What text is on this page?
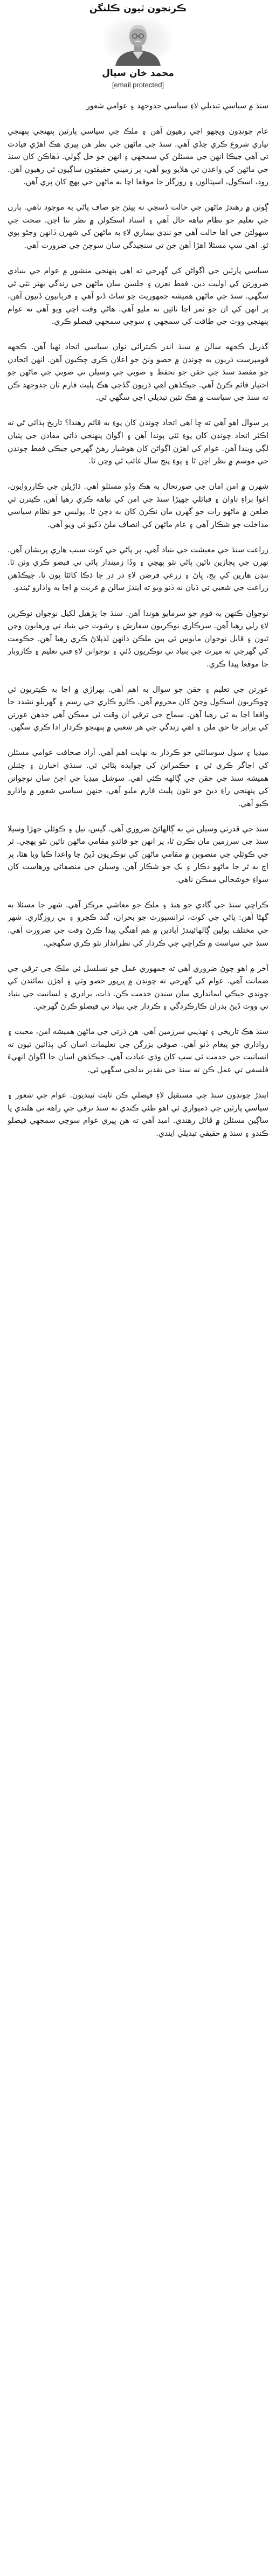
ڪرنجون ٿيون ڪلنگن
محمد خان سيال
[email protected]

سنڌ ۾ سياسي تبديلي لاءِ سياسي جدوجهد ۽ عوامي شعور

عام چونڊون ويجهو اچي رهيون آهن ۽ ملڪ جي سياسي پارٽين پنهنجي پنهنجي تياري شروع ڪري ڇڏي آهي. سنڌ جي ماڻهن جي نظر هن ڀيري هڪ اهڙي قيادت تي آهي جيڪا انهن جي مسئلن کي سمجهي ۽ انهن جو حل ڳولي. ڏهاڪن کان سنڌ جي ماڻهن کي واعدن تي هلايو ويو آهي، پر زميني حقيقتون ساڳيون ئي رهيون آهن. روڊ، اسڪول، اسپتالون ۽ روزگار جا موقعا اڃا به ماڻهن جي پهچ کان پري آهن.

ڳوٺن ۾ رهندڙ ماڻهن جي حالت ڏسجي ته پيئڻ جو صاف پاڻي به موجود ناهي. ٻارن جي تعليم جو نظام تباهه حال آهي ۽ استاد اسڪولن ۾ نظر نٿا اچن. صحت جي سهولتن جي اها حالت آهي جو ننڍي بيماري لاءِ به ماڻهن کي شهرن ڏانهن وڃڻو پوي ٿو. اهي سڀ مسئلا اهڙا آهن جن تي سنجيدگي سان سوچڻ جي ضرورت آهي.

سياسي پارٽين جي اڳواڻن کي گهرجي ته اهي پنهنجي منشور ۾ عوام جي بنيادي ضرورتن کي اوليت ڏين. فقط نعرن ۽ جلسن سان ماڻهن جي زندگي بهتر نٿي ٿي سگهي. سنڌ جي ماڻهن هميشه جمهوريت جو ساٿ ڏنو آهي ۽ قربانيون ڏنيون آهن، پر انهن کي ان جو ثمر اڃا تائين نه مليو آهي. هاڻي وقت اچي ويو آهي ته عوام پنهنجي ووٽ جي طاقت کي سمجهي ۽ سوچي سمجهي فيصلو ڪري.

گذريل ڪجهه سالن ۾ سنڌ اندر ڪيترائي نوان سياسي اتحاد ٺهيا آهن. ڪجهه قومپرست ڌريون به چونڊن ۾ حصو وٺڻ جو اعلان ڪري چڪيون آهن. انهن اتحادن جو مقصد سنڌ جي حقن جو تحفظ ۽ صوبي جي وسيلن تي صوبي جي ماڻهن جو اختيار قائم ڪرڻ آهي. جيڪڏهن اهي ڌريون گڏجي هڪ پليٽ فارم تان جدوجهد ڪن ته سنڌ جي سياست ۾ هڪ نئين تبديلي اچي سگهي ٿي.

پر سوال اهو آهي ته ڇا اهي اتحاد چونڊن کان پوءِ به قائم رهندا؟ تاريخ ٻڌائي ٿي ته اڪثر اتحاد چونڊن کان پوءِ ٽٽي پوندا آهن ۽ اڳواڻ پنهنجي ذاتي مفادن جي پٺيان لڳي ويندا آهن. عوام کي اهڙن اڳواڻن کان هوشيار رهڻ گهرجي جيڪي فقط چونڊن جي موسم ۾ نظر اچن ٿا ۽ پوءِ پنج سال غائب ٿي وڃن ٿا.

شهرن ۾ امن امان جي صورتحال به هڪ وڏو مسئلو آهي. ڌاڙيلن جي ڪارروايون، اغوا براءِ تاوان ۽ قبائلي جهيڙا سنڌ جي امن کي تباهه ڪري رهيا آهن. ڪيترن ئي ضلعن ۾ ماڻهو رات جو گهرن مان نڪرڻ کان به ڊڄن ٿا. پوليس جو نظام سياسي مداخلت جو شڪار آهي ۽ عام ماڻهن کي انصاف ملڻ ڏکيو ٿي ويو آهي.

زراعت سنڌ جي معيشت جي بنياد آهي، پر پاڻي جي کوٽ سبب هاري پريشان آهن. نهرن جي پڇاڙين تائين پاڻي نٿو پهچي ۽ وڏا زميندار پاڻي تي قبضو ڪري وٺن ٿا. ننڍن هارين کي ٻج، ڀاڻ ۽ زرعي قرضن لاءِ در در جا ڌڪا کائڻا پون ٿا. جيڪڏهن زراعت جي شعبي تي ڌيان نه ڏنو ويو ته ايندڙ سالن ۾ غربت ۾ اڃا به واڌارو ٿيندو.

نوجوان ڪنهن به قوم جو سرمايو هوندا آهن. سنڌ جا پڙهيل لکيل نوجوان نوڪرين لاءِ رلي رهيا آهن. سرڪاري نوڪريون سفارش ۽ رشوت جي بنياد تي ورهايون وڃن ٿيون ۽ قابل نوجوان مايوس ٿي ٻين ملڪن ڏانهن لڏپلاڻ ڪري رهيا آهن. حڪومت کي گهرجي ته ميرٽ جي بنياد تي نوڪريون ڏئي ۽ نوجوانن لاءِ فني تعليم ۽ ڪاروبار جا موقعا پيدا ڪري.

عورتن جي تعليم ۽ حقن جو سوال به اهم آهي. ٻهراڙي ۾ اڃا به ڪيتريون ئي ڇوڪريون اسڪول وڃڻ کان محروم آهن. ڪارو ڪاري جي رسم ۽ گهريلو تشدد جا واقعا اڃا به ٿي رهيا آهن. سماج جي ترقي ان وقت ئي ممڪن آهي جڏهن عورتن کي برابر جا حق ملن ۽ اهي زندگي جي هر شعبي ۾ پنهنجو ڪردار ادا ڪري سگهن.

ميڊيا ۽ سول سوسائٽي جو ڪردار به نهايت اهم آهي. آزاد صحافت عوامي مسئلن کي اجاگر ڪري ٿي ۽ حڪمرانن کي جوابده بڻائي ٿي. سنڌي اخبارن ۽ چئنلن هميشه سنڌ جي حقن جي ڳالهه ڪئي آهي. سوشل ميڊيا جي اچڻ سان نوجوانن کي پنهنجي راءِ ڏيڻ جو نئون پليٽ فارم مليو آهي، جنهن سياسي شعور ۾ واڌارو ڪيو آهي.

سنڌ جي قدرتي وسيلن تي به ڳالهائڻ ضروري آهي. گيس، تيل ۽ ڪوئلي جهڙا وسيلا سنڌ جي سرزمين مان نڪرن ٿا، پر انهن جو فائدو مقامي ماڻهن تائين نٿو پهچي. ٿر جي ڪوئلي جي منصوبن ۾ مقامي ماڻهن کي نوڪريون ڏيڻ جا واعدا ڪيا ويا هئا، پر اڄ به ٿر جا ماڻهو ڏڪار ۽ بک جو شڪار آهن. وسيلن جي منصفاڻي ورهاست کان سواءِ خوشحالي ممڪن ناهي.

ڪراچي سنڌ جي گادي جو هنڌ ۽ ملڪ جو معاشي مرڪز آهي. شهر جا مسئلا به گهڻا آهن: پاڻي جي کوٽ، ٽرانسپورٽ جو بحران، گند ڪچرو ۽ بي روزگاري. شهر جي مختلف ٻولين ڳالهائيندڙ آبادين ۾ هم آهنگي پيدا ڪرڻ وقت جي ضرورت آهي. سنڌ جي سياست ۾ ڪراچي جي ڪردار کي نظرانداز نٿو ڪري سگهجي.

آخر ۾ اهو چوڻ ضروري آهي ته جمهوري عمل جو تسلسل ئي ملڪ جي ترقي جي ضمانت آهي. عوام کي گهرجي ته چونڊن ۾ ڀرپور حصو وٺي ۽ اهڙن نمائندن کي چونڊي جيڪي ايمانداري سان سندن خدمت ڪن. ذات، برادري ۽ لسانيت جي بنياد تي ووٽ ڏيڻ بدران ڪارڪردگي ۽ ڪردار جي بنياد تي فيصلو ڪرڻ گهرجي.

سنڌ هڪ تاريخي ۽ تهذيبي سرزمين آهي. هن ڌرتي جي ماڻهن هميشه امن، محبت ۽ رواداري جو پيغام ڏنو آهي. صوفي بزرگن جي تعليمات اسان کي ٻڌائين ٿيون ته انسانيت جي خدمت ئي سڀ کان وڏي عبادت آهي. جيڪڏهن اسان جا اڳواڻ انهيءَ فلسفي تي عمل ڪن ته سنڌ جي تقدير بدلجي سگهي ٿي.

ايندڙ چونڊون سنڌ جي مستقبل لاءِ فيصلي ڪن ثابت ٿينديون. عوام جي شعور ۽ سياسي پارٽين جي ذميواري ئي اهو طئي ڪندي ته سنڌ ترقي جي راهه تي هلندي يا ساڳين مسئلن ۾ ڦاٿل رهندي. اميد آهي ته هن ڀيري عوام سوچي سمجهي فيصلو ڪندو ۽ سنڌ ۾ حقيقي تبديلي ايندي.
